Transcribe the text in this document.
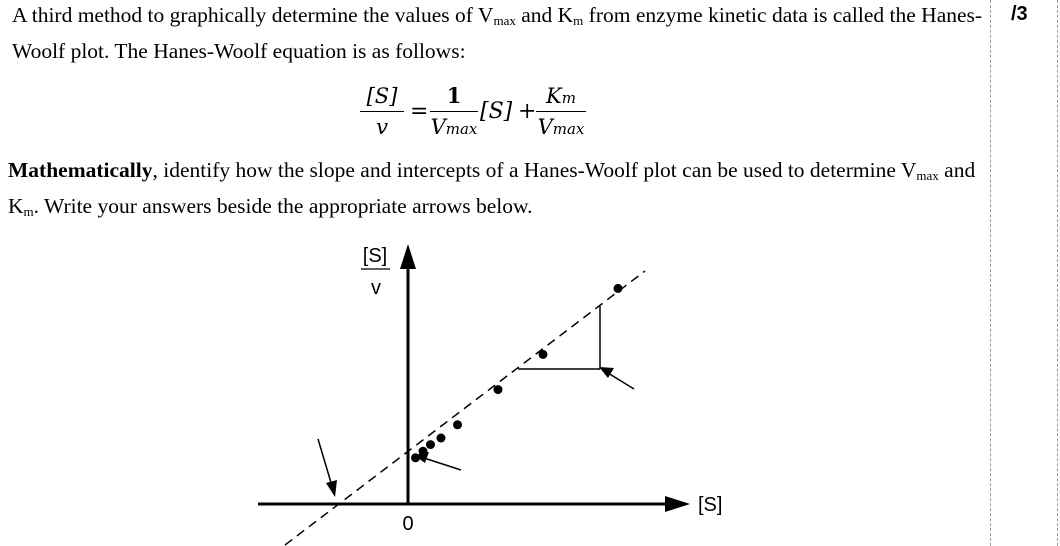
A third method to graphically determine the values of $V_{max}$ and $K_m$ from enzyme kinetic data is called the Hanes-Woolf plot. The Hanes-Woolf equation is as follows:

[S]
v
=
1
Vmax
[S] +
Km
Vmax

Mathematically, identify how the slope and intercepts of a Hanes-Woolf plot can be used to determine $V_{max}$ and $K_m$. Write your answers beside the appropriate arrows below.

[S]
v
[S]
0
/3
